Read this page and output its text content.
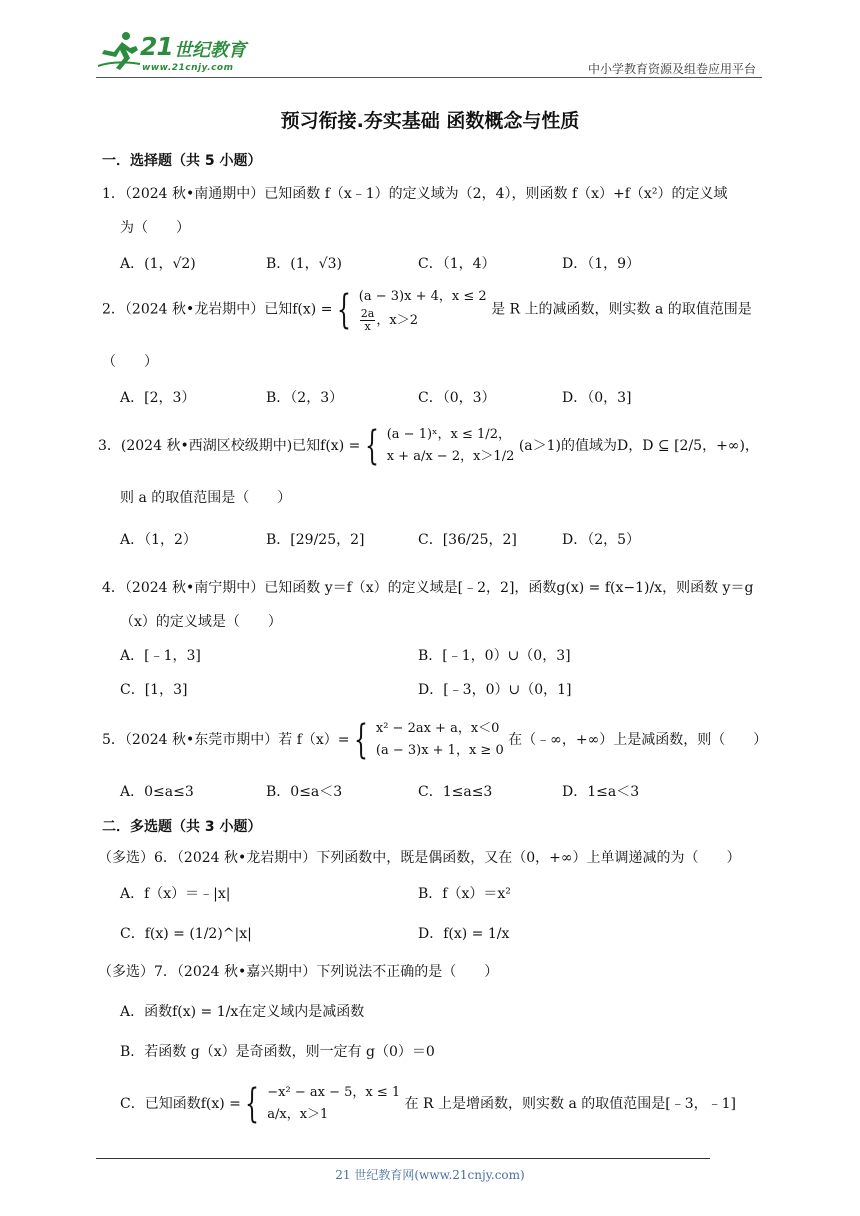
21 世纪教育
www.21cnjy.com	中小学教育资源及组卷应用平台
预习衔接.夯实基础 函数概念与性质
一．选择题（共 5 小题）
1．（2024 秋•南通期中）已知函数 f（x﹣1）的定义域为（2，4），则函数 f（x）+f（x²）的定义域
为（　　）
A．(1，√2)	B．(1，√3)	C．（1，4）	D．（1，9）
2．（2024 秋•龙岩期中）已知f(x) = { (a − 3)x + 4，x ≤ 2
$\frac{2a}{x}$ ，x＞2
是 R 上的减函数，则实数 a 的取值范围是
（　　）
A．[2，3）	B．（2，3）	C．（0，3）	D．（0，3]
3．(2024 秋•西湖区校级期中)已知f(x) = { (a − 1)ˣ，x ≤ 1/2，
x + a/x − 2，x＞1/2
(a＞1)的值域为D，D ⊆ [2/5，+∞)，
则 a 的取值范围是（　　）
A．（1，2）	B．[29/25，2]	C．[36/25，2]	D．（2，5）
4．（2024 秋•南宁期中）已知函数 y＝f（x）的定义域是[﹣2，2]，函数g(x) = f(x−1)/x，则函数 y＝g
（x）的定义域是（　　）
A．[﹣1，3]	B．[﹣1，0）∪（0，3]
C．[1，3]	D．[﹣3，0）∪（0，1]
5．（2024 秋•东莞市期中）若 f（x）= { x² − 2ax + a，x＜0
(a − 3)x + 1，x ≥ 0
在（﹣∞，+∞）上是减函数，则（　　）
A．0≤a≤3	B．0≤a＜3	C．1≤a≤3	D．1≤a＜3
二．多选题（共 3 小题）
（多选）6．（2024 秋•龙岩期中）下列函数中，既是偶函数，又在（0，+∞）上单调递减的为（　　）
A．f（x）＝﹣|x|	B．f（x）＝x²
C．f(x) = (1/2)^|x|	D．f(x) = 1/x
（多选）7．（2024 秋•嘉兴期中）下列说法不正确的是（　　）
A．函数f(x) = 1/x在定义域内是减函数
B．若函数 g（x）是奇函数，则一定有 g（0）＝0
C．已知函数f(x) = { −x² − ax − 5，x ≤ 1
a/x，x＞1
在 R 上是增函数，则实数 a 的取值范围是[﹣3，﹣1]
21 世纪教育网(www.21cnjy.com)
